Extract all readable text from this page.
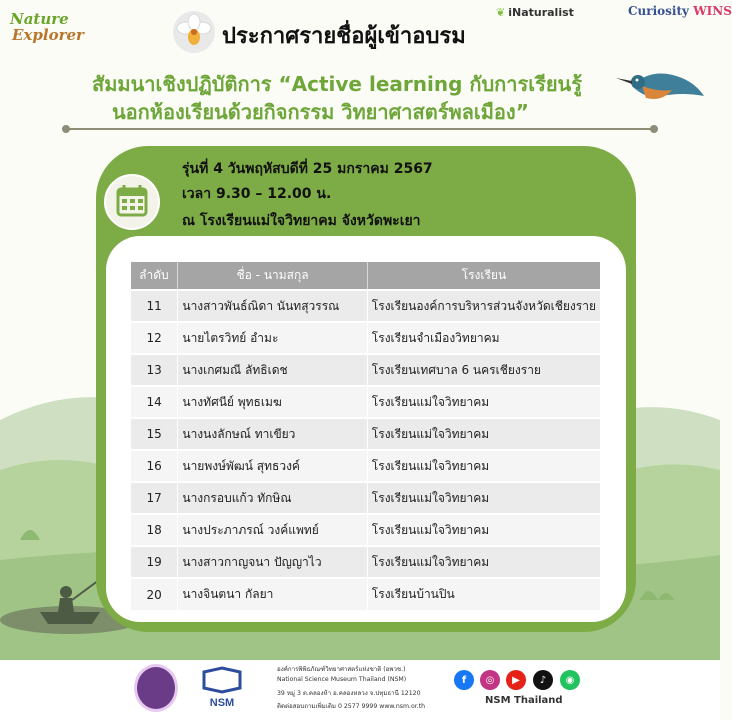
Nature
Explorer	ประกาศรายชื่อผู้เข้าอบรม
❦ iNaturalist	Curiosity WINS
สัมมนาเชิงปฏิบัติการ “Active learning กับการเรียนรู้
นอกห้องเรียนด้วยกิจกรรม วิทยาศาสตร์พลเมือง”
รุ่นที่ 4 วันพฤหัสบดีที่ 25 มกราคม 2567
เวลา 9.30 – 12.00 น.
ณ โรงเรียนแม่ใจวิทยาคม จังหวัดพะเยา
ลำดับ	ชื่อ - นามสกุล	โรงเรียน
11	นางสาวพันธ์ณิดา นันทสุวรรณ	โรงเรียนองค์การบริหารส่วนจังหวัดเชียงราย
12	นายไตรวิทย์ อำมะ	โรงเรียนจำเมืองวิทยาคม
13	นางเกศมณี ลัทธิเดช	โรงเรียนเทศบาล 6 นครเชียงราย
14	นางทัศนีย์ พุทธเมฆ	โรงเรียนแม่ใจวิทยาคม
15	นางนงลักษณ์ ทาเขียว	โรงเรียนแม่ใจวิทยาคม
16	นายพงษ์พัฒน์ สุทธวงค์	โรงเรียนแม่ใจวิทยาคม
17	นางกรอบแก้ว ทักษิณ	โรงเรียนแม่ใจวิทยาคม
18	นางประภาภรณ์ วงค์แพทย์	โรงเรียนแม่ใจวิทยาคม
19	นางสาวกาญจนา ปัญญาไว	โรงเรียนแม่ใจวิทยาคม
20	นางจินตนา กัลยา	โรงเรียนบ้านปิน
NSM
องค์การพิพิธภัณฑ์วิทยาศาสตร์แห่งชาติ (อพวช.)
National Science Museum Thailand (NSM)
39 หมู่ 3 ต.คลองห้า อ.คลองหลวง จ.ปทุมธานี 12120
ติดต่อสอบถามเพิ่มเติม 0 2577 9999 www.nsm.or.th
f	◎	▶	♪	◉
NSM Thailand
